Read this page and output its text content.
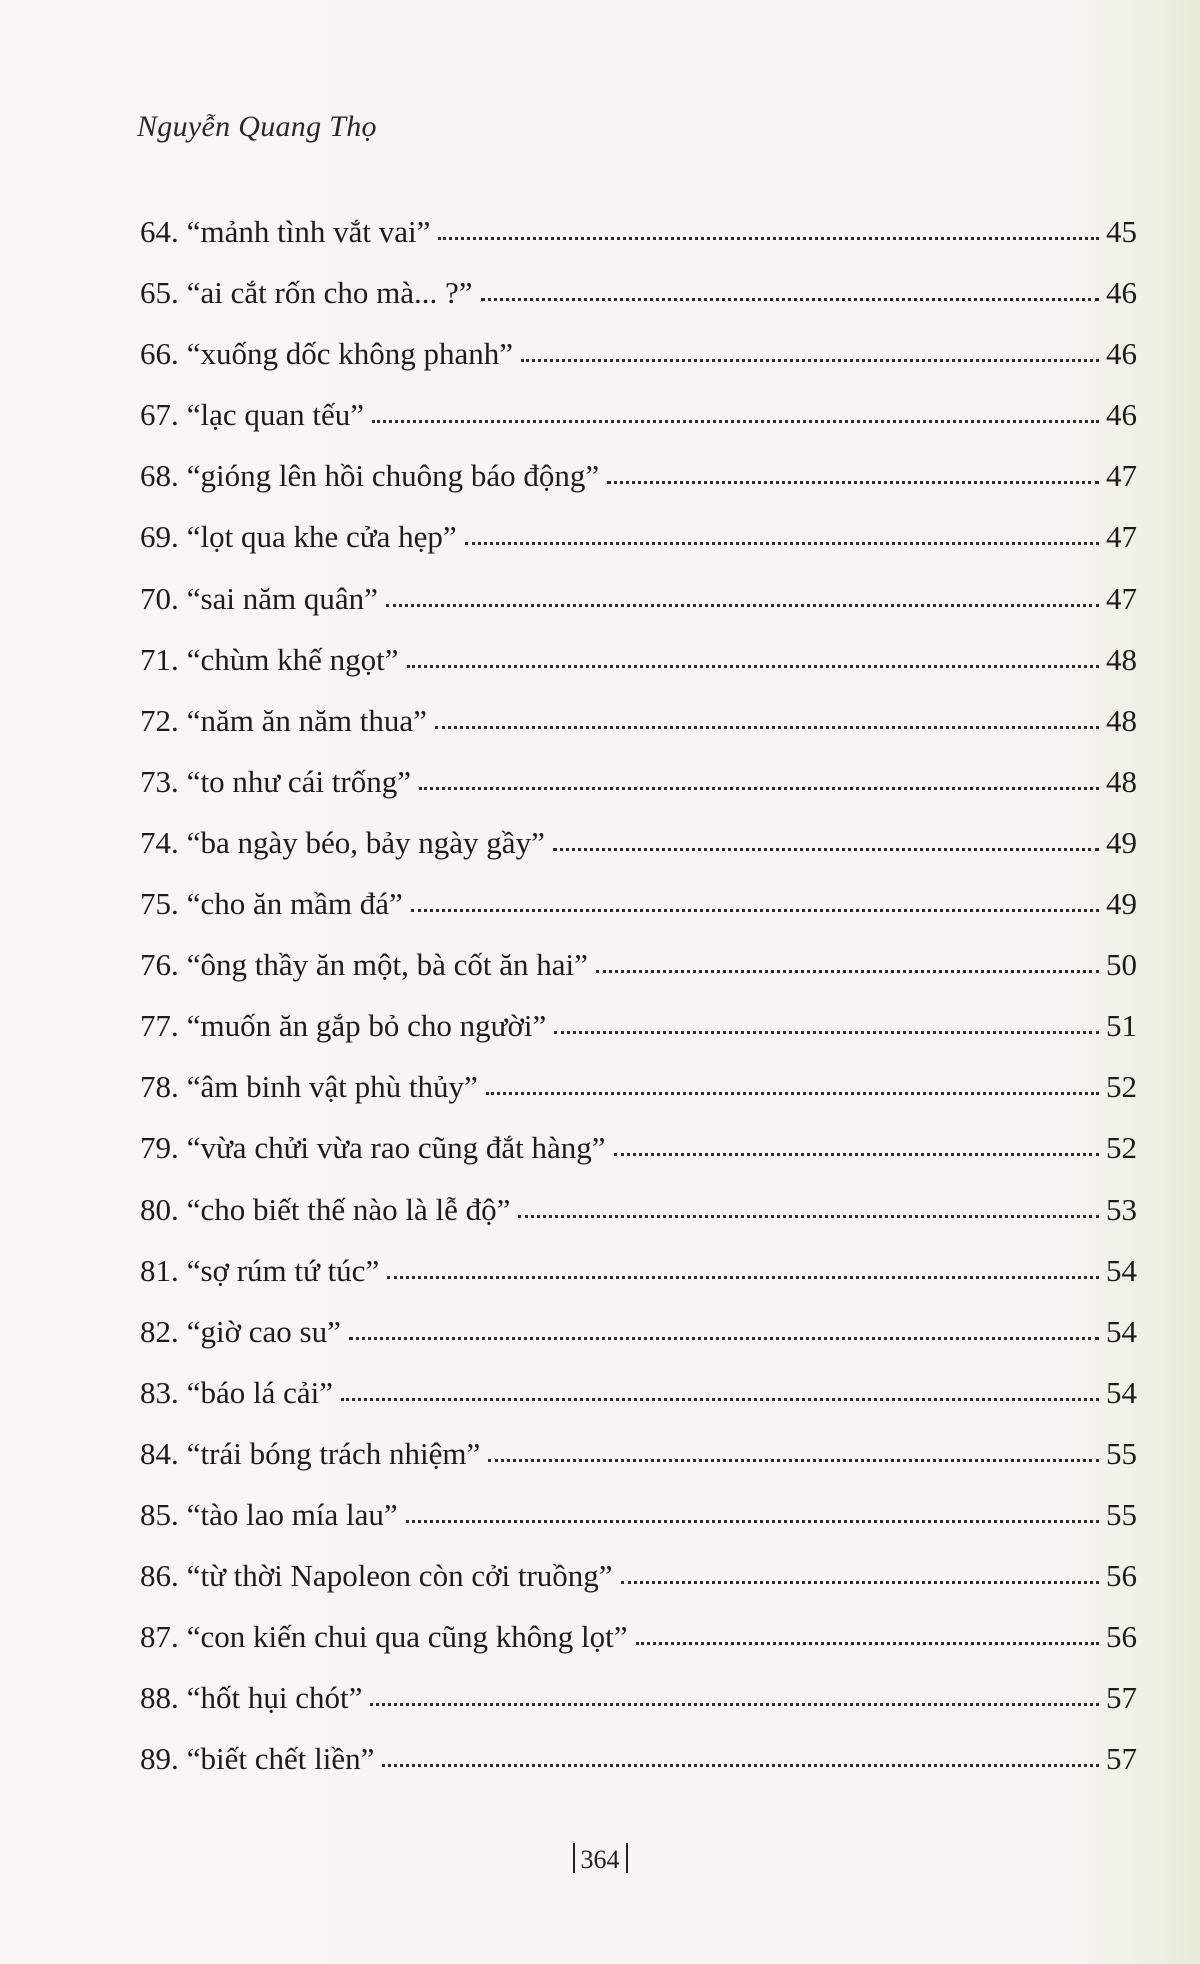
Nguyễn Quang Thọ
64. “mảnh tình vắt vai”	45
65. “ai cắt rốn cho mà... ?”	46
66. “xuống dốc không phanh”	46
67. “lạc quan tếu”	46
68. “gióng lên hồi chuông báo động”	47
69. “lọt qua khe cửa hẹp”	47
70. “sai năm quân”	47
71. “chùm khế ngọt”	48
72. “năm ăn năm thua”	48
73. “to như cái trống”	48
74. “ba ngày béo, bảy ngày gầy”	49
75. “cho ăn mầm đá”	49
76. “ông thầy ăn một, bà cốt ăn hai”	50
77. “muốn ăn gắp bỏ cho người”	51
78. “âm binh vật phù thủy”	52
79. “vừa chửi vừa rao cũng đắt hàng”	52
80. “cho biết thế nào là lễ độ”	53
81. “sợ rúm tứ túc”	54
82. “giờ cao su”	54
83. “báo lá cải”	54
84. “trái bóng trách nhiệm”	55
85. “tào lao mía lau”	55
86. “từ thời Napoleon còn cởi truồng”	56
87. “con kiến chui qua cũng không lọt”	56
88. “hốt hụi chót”	57
89. “biết chết liền”	57
364
